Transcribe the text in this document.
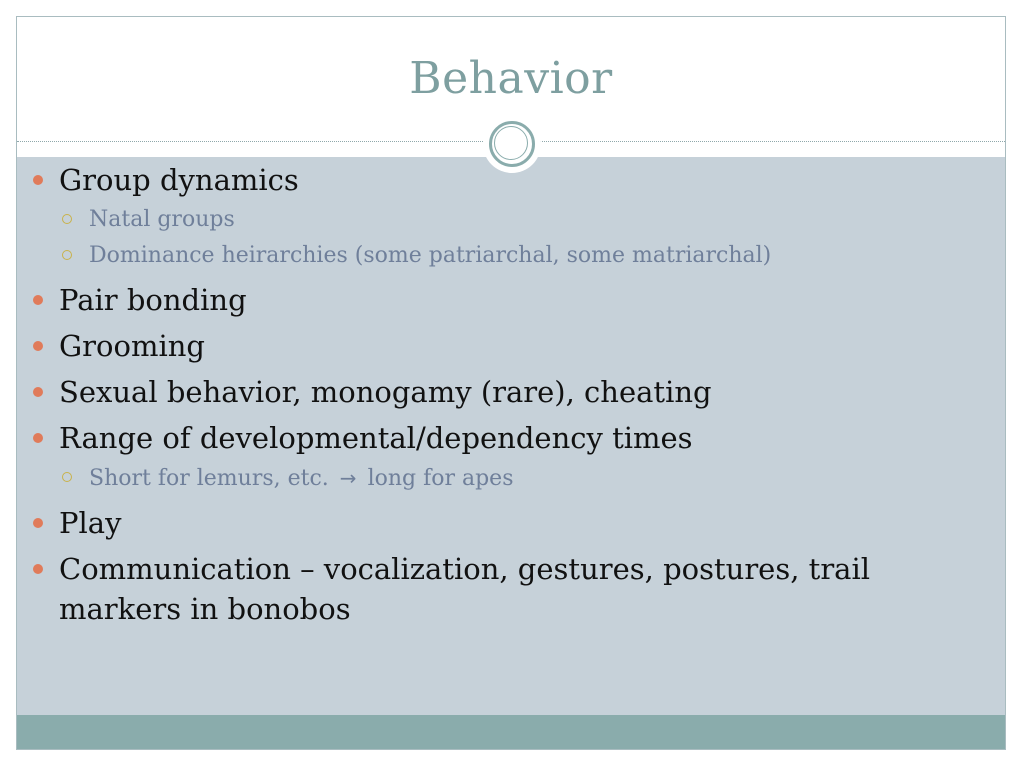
Behavior
Group dynamics
Natal groups
Dominance heirarchies (some patriarchal, some matriarchal)
Pair bonding
Grooming
Sexual behavior, monogamy (rare), cheating
Range of developmental/dependency times
Short for lemurs, etc. → long for apes
Play
Communication – vocalization, gestures, postures, trail markers in bonobos
